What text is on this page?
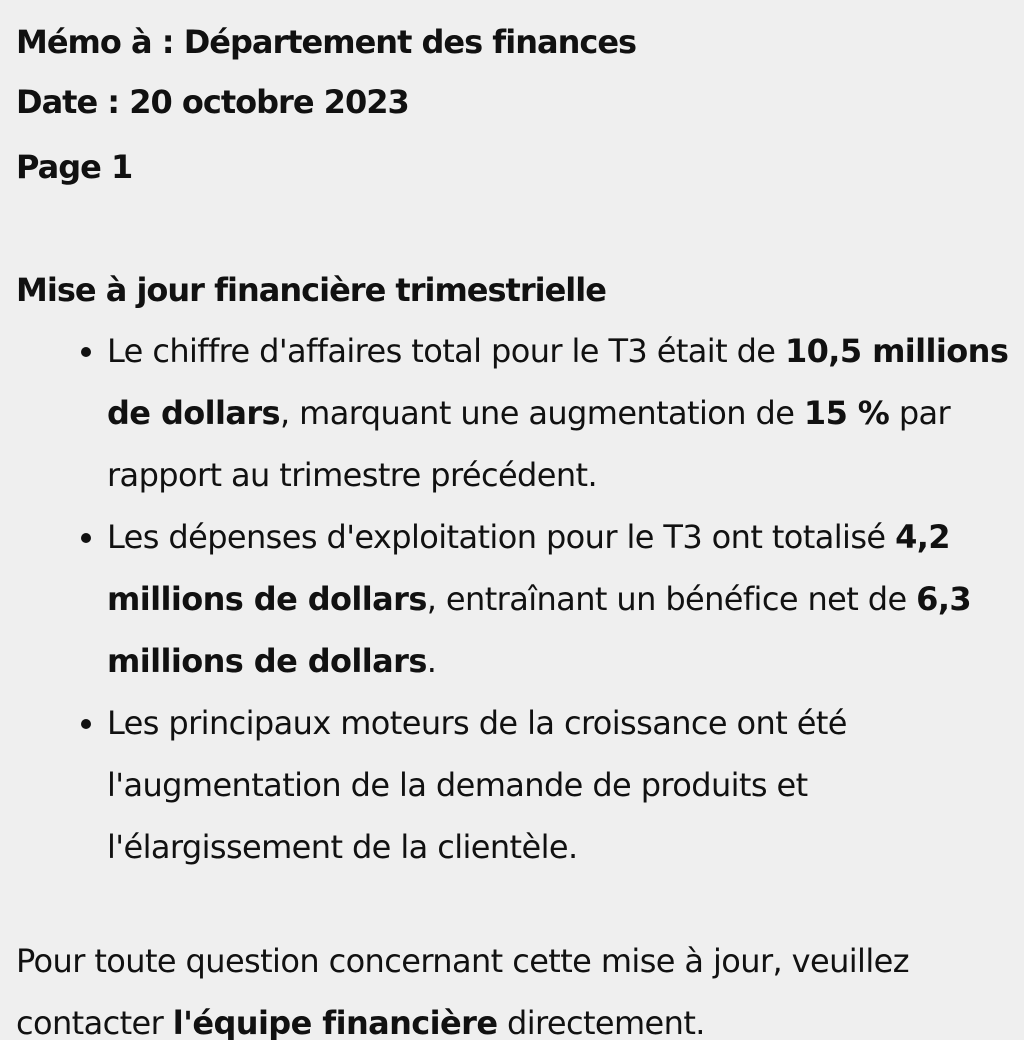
Mémo à : Département des finances
Date : 20 octobre 2023
Page 1
Mise à jour financière trimestrielle
Le chiffre d'affaires total pour le T3 était de 10,5 millions de dollars, marquant une augmentation de 15 % par rapport au trimestre précédent.
Les dépenses d'exploitation pour le T3 ont totalisé 4,2 millions de dollars, entraînant un bénéfice net de 6,3 millions de dollars.
Les principaux moteurs de la croissance ont été l'augmentation de la demande de produits et l'élargissement de la clientèle.
Pour toute question concernant cette mise à jour, veuillez contacter l'équipe financière directement.
